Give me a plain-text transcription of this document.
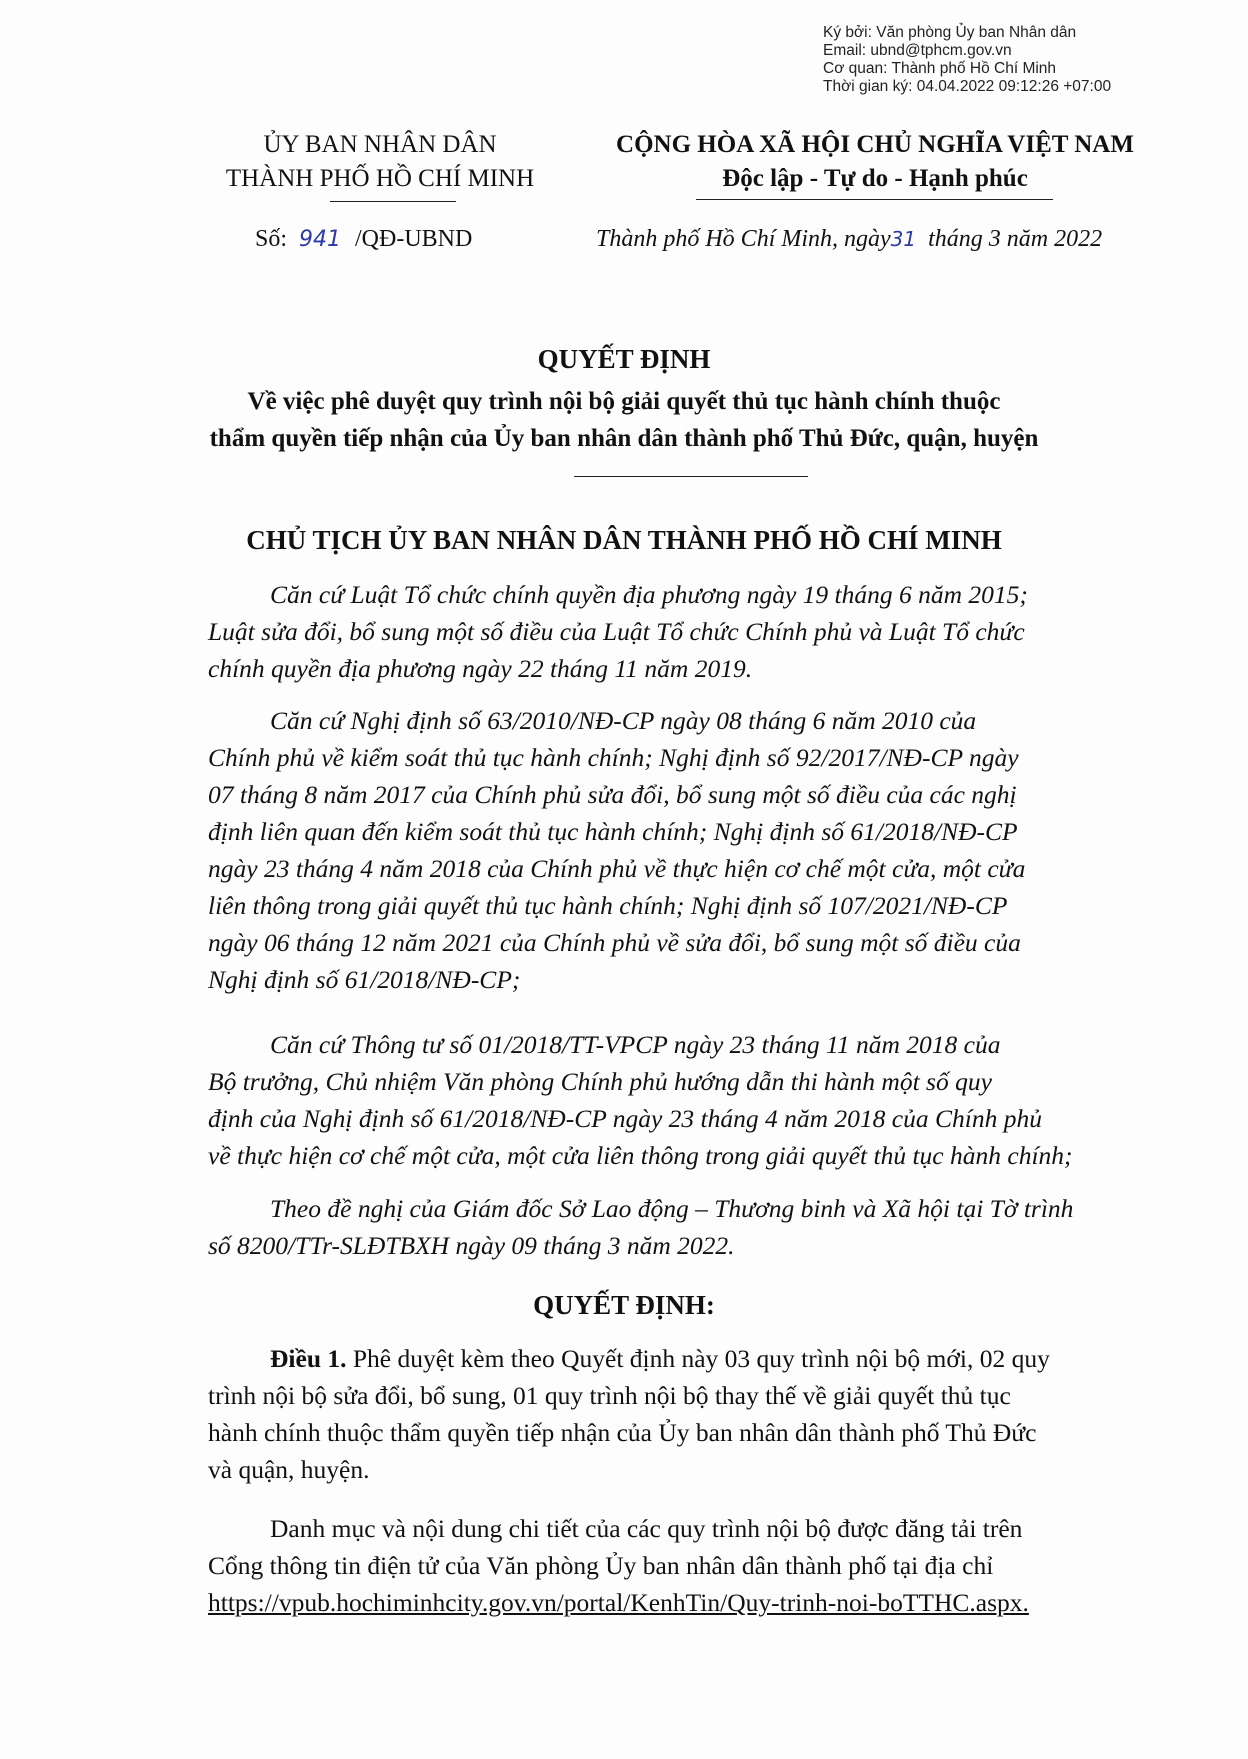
Ký bởi: Văn phòng Ủy ban Nhân dân
Email: ubnd@tphcm.gov.vn
Cơ quan: Thành phố Hồ Chí Minh
Thời gian ký: 04.04.2022 09:12:26 +07:00
ỦY BAN NHÂN DÂN
THÀNH PHỐ HỒ CHÍ MINH
CỘNG HÒA XÃ HỘI CHỦ NGHĨA VIỆT NAM
Độc lập - Tự do - Hạnh phúc
Số: 941 /QĐ-UBND	Thành phố Hồ Chí Minh, ngày31 tháng 3 năm 2022
QUYẾT ĐỊNH
Về việc phê duyệt quy trình nội bộ giải quyết thủ tục hành chính thuộc
thẩm quyền tiếp nhận của Ủy ban nhân dân thành phố Thủ Đức, quận, huyện
CHỦ TỊCH ỦY BAN NHÂN DÂN THÀNH PHỐ HỒ CHÍ MINH
Căn cứ Luật Tổ chức chính quyền địa phương ngày 19 tháng 6 năm 2015;
Luật sửa đổi, bổ sung một số điều của Luật Tổ chức Chính phủ và Luật Tổ chức
chính quyền địa phương ngày 22 tháng 11 năm 2019.
Căn cứ Nghị định số 63/2010/NĐ-CP ngày 08 tháng 6 năm 2010 của
Chính phủ về kiểm soát thủ tục hành chính; Nghị định số 92/2017/NĐ-CP ngày
07 tháng 8 năm 2017 của Chính phủ sửa đổi, bổ sung một số điều của các nghị
định liên quan đến kiểm soát thủ tục hành chính; Nghị định số 61/2018/NĐ-CP
ngày 23 tháng 4 năm 2018 của Chính phủ về thực hiện cơ chế một cửa, một cửa
liên thông trong giải quyết thủ tục hành chính; Nghị định số 107/2021/NĐ-CP
ngày 06 tháng 12 năm 2021 của Chính phủ về sửa đổi, bổ sung một số điều của
Nghị định số 61/2018/NĐ-CP;
Căn cứ Thông tư số 01/2018/TT-VPCP ngày 23 tháng 11 năm 2018 của
Bộ trưởng, Chủ nhiệm Văn phòng Chính phủ hướng dẫn thi hành một số quy
định của Nghị định số 61/2018/NĐ-CP ngày 23 tháng 4 năm 2018 của Chính phủ
về thực hiện cơ chế một cửa, một cửa liên thông trong giải quyết thủ tục hành chính;
Theo đề nghị của Giám đốc Sở Lao động – Thương binh và Xã hội tại Tờ trình
số 8200/TTr-SLĐTBXH ngày 09 tháng 3 năm 2022.
QUYẾT ĐỊNH:
Điều 1. Phê duyệt kèm theo Quyết định này 03 quy trình nội bộ mới, 02 quy
trình nội bộ sửa đổi, bổ sung, 01 quy trình nội bộ thay thế về giải quyết thủ tục
hành chính thuộc thẩm quyền tiếp nhận của Ủy ban nhân dân thành phố Thủ Đức
và quận, huyện.
Danh mục và nội dung chi tiết của các quy trình nội bộ được đăng tải trên
Cổng thông tin điện tử của Văn phòng Ủy ban nhân dân thành phố tại địa chỉ
https://vpub.hochiminhcity.gov.vn/portal/KenhTin/Quy-trinh-noi-boTTHC.aspx.
